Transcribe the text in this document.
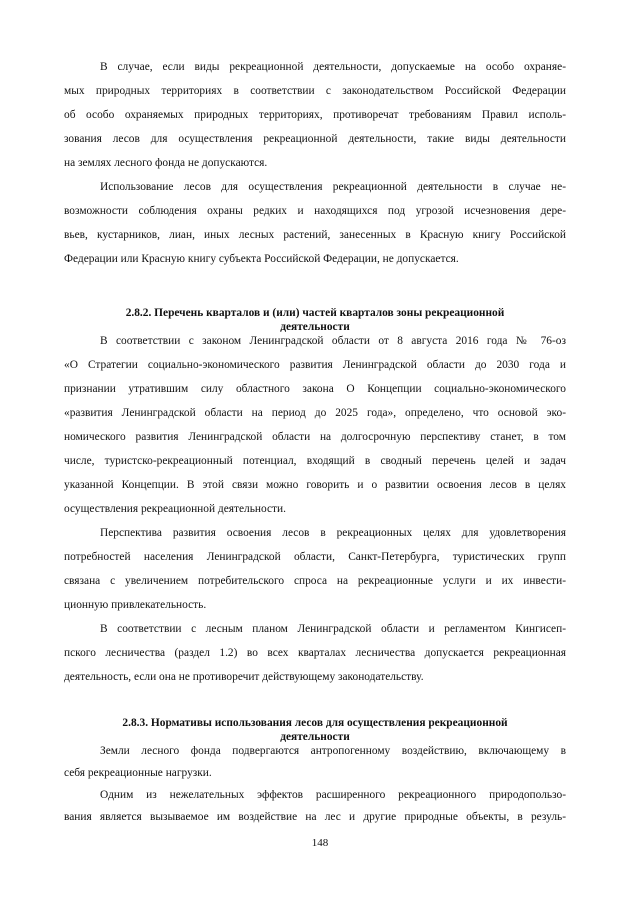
В случае, если виды рекреационной деятельности, допускаемые на особо охраняе-
мых природных территориях в соответствии с законодательством Российской Федерации
об особо охраняемых природных территориях, противоречат требованиям Правил исполь-
зования лесов для осуществления рекреационной деятельности, такие виды деятельности
на землях лесного фонда не допускаются.
Использование лесов для осуществления рекреационной деятельности в случае не-
возможности соблюдения охраны редких и находящихся под угрозой исчезновения дере-
вьев, кустарников, лиан, иных лесных растений, занесенных в Красную книгу Российской
Федерации или Красную книгу субъекта Российской Федерации, не допускается.
2.8.2. Перечень кварталов и (или) частей кварталов зоны рекреационной
деятельности
В соответствии с законом Ленинградской области от 8 августа 2016 года № 76-оз
«О Стратегии социально-экономического развития Ленинградской области до 2030 года и
признании утратившим силу областного закона О Концепции социально-экономического
«развития Ленинградской области на период до 2025 года», определено, что основой эко-
номического развития Ленинградской области на долгосрочную перспективу станет, в том
числе, туристско-рекреационный потенциал, входящий в сводный перечень целей и задач
указанной Концепции. В этой связи можно говорить и о развитии освоения лесов в целях
осуществления рекреационной деятельности.
Перспектива развития освоения лесов в рекреационных целях для удовлетворения
потребностей населения Ленинградской области, Санкт-Петербурга, туристических групп
связана с увеличением потребительского спроса на рекреационные услуги и их инвести-
ционную привлекательность.
В соответствии с лесным планом Ленинградской области и регламентом Кингисеп-
пского лесничества (раздел 1.2) во всех кварталах лесничества допускается рекреационная
деятельность, если она не противоречит действующему законодательству.
2.8.3. Нормативы использования лесов для осуществления рекреационной
деятельности
Земли лесного фонда подвергаются антропогенному воздействию, включающему в
себя рекреационные нагрузки.
Одним из нежелательных эффектов расширенного рекреационного природопользо-
вания является вызываемое им воздействие на лес и другие природные объекты, в резуль-
148
